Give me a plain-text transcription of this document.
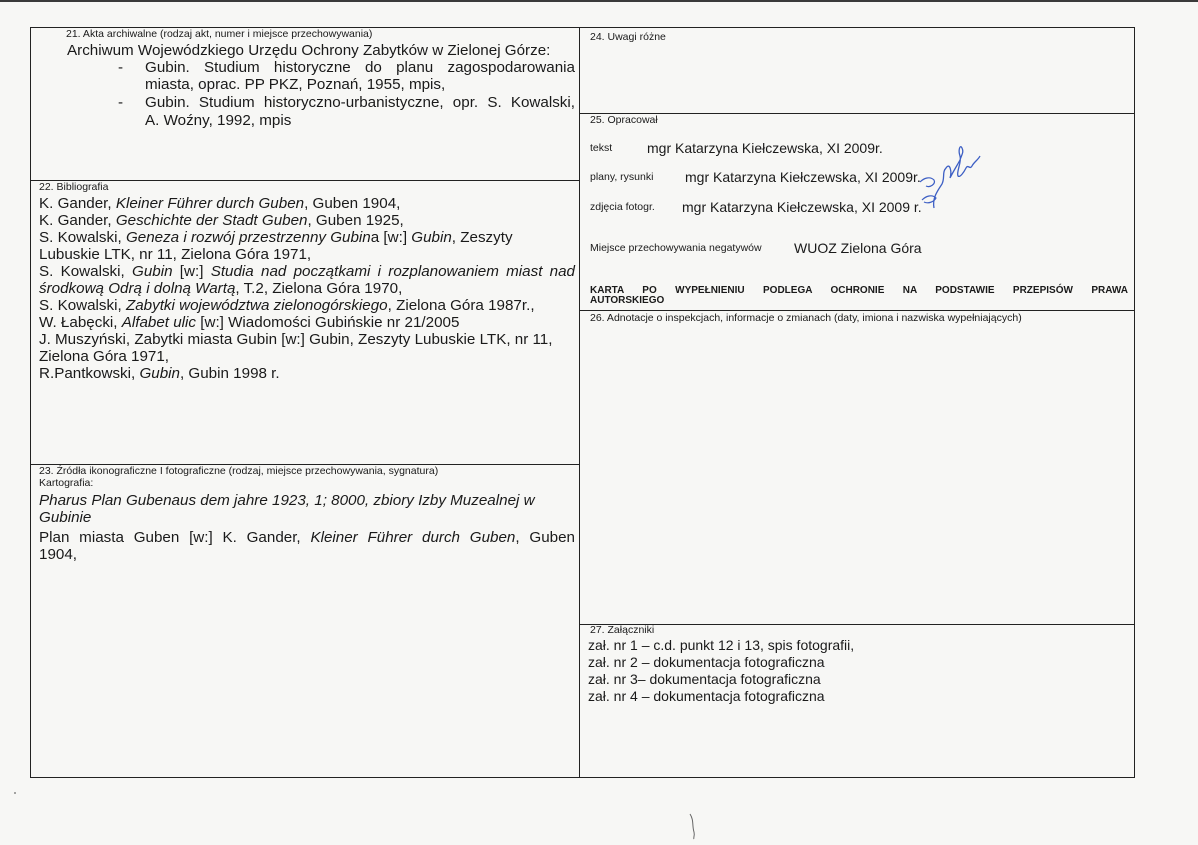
21. Akta archiwalne (rodzaj akt, numer i miejsce przechowywania)
Archiwum Wojewódzkiego Urzędu Ochrony Zabytków w Zielonej Górze:
- Gubin. Studium historyczne do planu zagospodarowania
miasta, oprac. PP PKZ, Poznań, 1955, mpis,
- Gubin. Studium historyczno-urbanistyczne, opr. S. Kowalski,
A. Woźny, 1992, mpis
22. Bibliografia
K. Gander, Kleiner Führer durch Guben, Guben 1904,
K. Gander, Geschichte der Stadt Guben, Guben 1925,
S. Kowalski, Geneza i rozwój przestrzenny Gubina [w:] Gubin, Zeszyty
Lubuskie LTK, nr 11, Zielona Góra 1971,
S. Kowalski, Gubin [w:] Studia nad początkami i rozplanowaniem miast nad
środkową Odrą i dolną Wartą, T.2, Zielona Góra 1970,
S. Kowalski, Zabytki województwa zielonogórskiego, Zielona Góra 1987r.,
W. Łabęcki, Alfabet ulic [w:] Wiadomości Gubińskie nr 21/2005
J. Muszyński, Zabytki miasta Gubin [w:] Gubin, Zeszyty Lubuskie LTK, nr 11,
Zielona Góra 1971,
R.Pantkowski, Gubin, Gubin 1998 r.
23. Źródła ikonograficzne I fotograficzne (rodzaj, miejsce przechowywania, sygnatura)
Kartografia:
Pharus Plan Gubenaus dem jahre 1923, 1; 8000, zbiory Izby Muzealnej w
Gubinie
Plan miasta Guben [w:] K. Gander, Kleiner Führer durch Guben, Guben
1904,
24. Uwagi różne
25. Opracował
tekst mgr Katarzyna Kiełczewska, XI 2009r.
plany, rysunki mgr Katarzyna Kiełczewska, XI 2009r.
zdjęcia fotogr. mgr Katarzyna Kiełczewska, XI 2009 r.
Miejsce przechowywania negatywów WUOZ Zielona Góra
KARTA PO WYPEŁNIENIU PODLEGA OCHRONIE NA PODSTAWIE PRZEPISÓW PRAWA
AUTORSKIEGO
26. Adnotacje o inspekcjach, informacje o zmianach (daty, imiona i nazwiska wypełniających)
27. Załączniki
zał. nr 1 – c.d. punkt 12 i 13, spis fotografii,
zał. nr 2 – dokumentacja fotograficzna
zał. nr 3– dokumentacja fotograficzna
zał. nr 4 – dokumentacja fotograficzna
